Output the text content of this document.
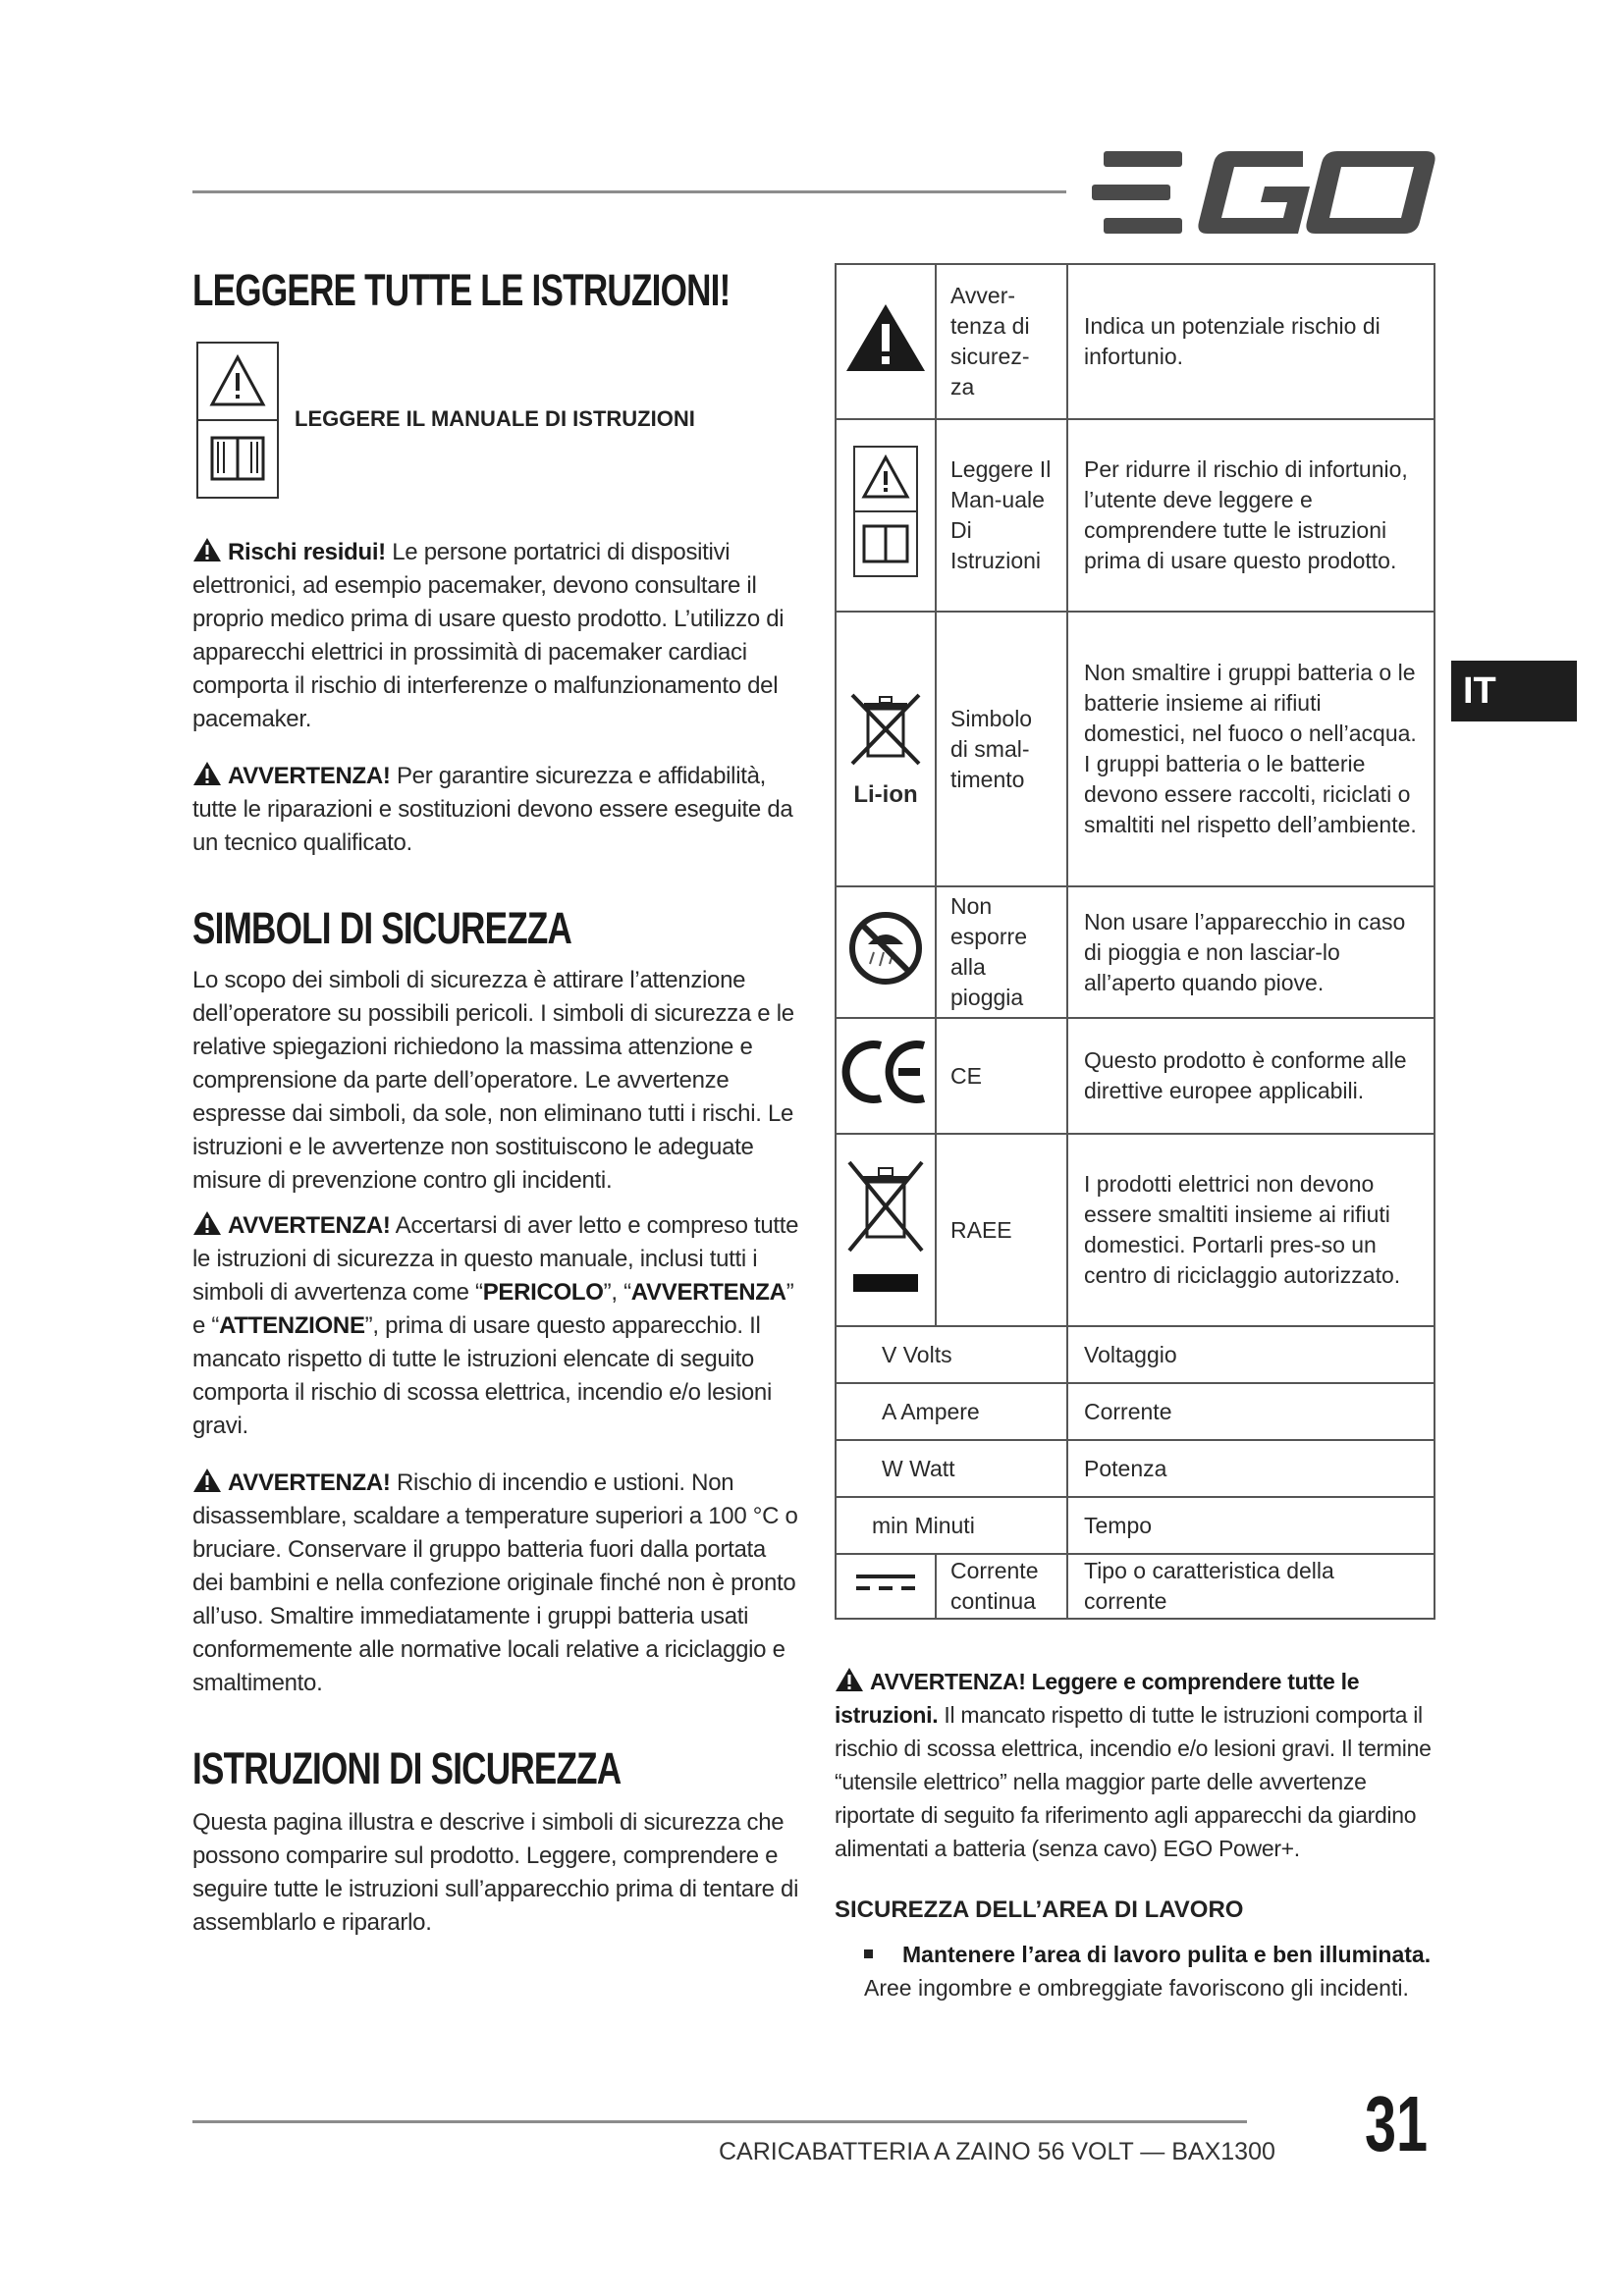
LEGGERE TUTTE LE ISTRUZIONI!
LEGGERE IL MANUALE DI ISTRUZIONI
Rischi residui! Le persone portatrici di dispositivi elettronici, ad esempio pacemaker, devono consultare il proprio medico prima di usare questo prodotto. L’utilizzo di apparecchi elettrici in prossimità di pacemaker cardiaci comporta il rischio di interferenze o malfunzionamento del pacemaker.
AVVERTENZA! Per garantire sicurezza e affidabilità, tutte le riparazioni e sostituzioni devono essere eseguite da un tecnico qualificato.
SIMBOLI DI SICUREZZA
Lo scopo dei simboli di sicurezza è attirare l’attenzione dell’operatore su possibili pericoli. I simboli di sicurezza e le relative spiegazioni richiedono la massima attenzione e comprensione da parte dell’operatore. Le avvertenze espresse dai simboli, da sole, non eliminano tutti i rischi. Le istruzioni e le avvertenze non sostituiscono le adeguate misure di prevenzione contro gli incidenti.
AVVERTENZA! Accertarsi di aver letto e compreso tutte le istruzioni di sicurezza in questo manuale, inclusi tutti i simboli di avvertenza come “PERICOLO”, “AVVERTENZA” e “ATTENZIONE”, prima di usare questo apparecchio. Il mancato rispetto di tutte le istruzioni elencate di seguito comporta il rischio di scossa elettrica, incendio e/o lesioni gravi.
AVVERTENZA! Rischio di incendio e ustioni. Non disassemblare, scaldare a temperature superiori a 100 °C o bruciare. Conservare il gruppo batteria fuori dalla portata dei bambini e nella confezione originale finché non è pronto all’uso. Smaltire immediatamente i gruppi batteria usati conformemente alle normative locali relative a riciclaggio e smaltimento.
ISTRUZIONI DI SICUREZZA
Questa pagina illustra e descrive i simboli di sicurezza che possono comparire sul prodotto. Leggere, comprendere e seguire tutte le istruzioni sull’apparecchio prima di tentare di assemblarlo e ripararlo.
	Avver-tenza di sicurez-za	Indica un potenziale rischio di infortunio.
	Leggere Il Man-uale Di Istruzioni	Per ridurre il rischio di infortunio, l’utente deve leggere e comprendere tutte le istruzioni prima di usare questo prodotto.

Li-ion	Simbolo di smal-timento	Non smaltire i gruppi batteria o le batterie insieme ai rifiuti domestici, nel fuoco o nell’acqua. I gruppi batteria o le batterie devono essere raccolti, riciclati o smaltiti nel rispetto dell’ambiente.
	Non esporre alla pioggia	Non usare l’apparecchio in caso di pioggia e non lasciar-lo all’aperto quando piove.
	CE	Questo prodotto è conforme alle direttive europee applicabili.
	RAEE	I prodotti elettrici non devono essere smaltiti insieme ai rifiuti domestici. Portarli pres-so un centro di riciclaggio autorizzato.
V Volts		Voltaggio
A Ampere		Corrente
W Watt		Potenza
min Minuti		Tempo
	Corrente continua	Tipo o caratteristica della corrente
IT
AVVERTENZA! Leggere e comprendere tutte le istruzioni. Il mancato rispetto di tutte le istruzioni comporta il rischio di scossa elettrica, incendio e/o lesioni gravi. Il termine “utensile elettrico” nella maggior parte delle avvertenze riportate di seguito fa riferimento agli apparecchi da giardino alimentati a batteria (senza cavo) EGO Power+.
SICUREZZA DELL’AREA DI LAVORO
Mantenere l’area di lavoro pulita e ben illuminata.
Aree ingombre e ombreggiate favoriscono gli incidenti.
CARICABATTERIA A ZAINO 56 VOLT — BAX1300 31
